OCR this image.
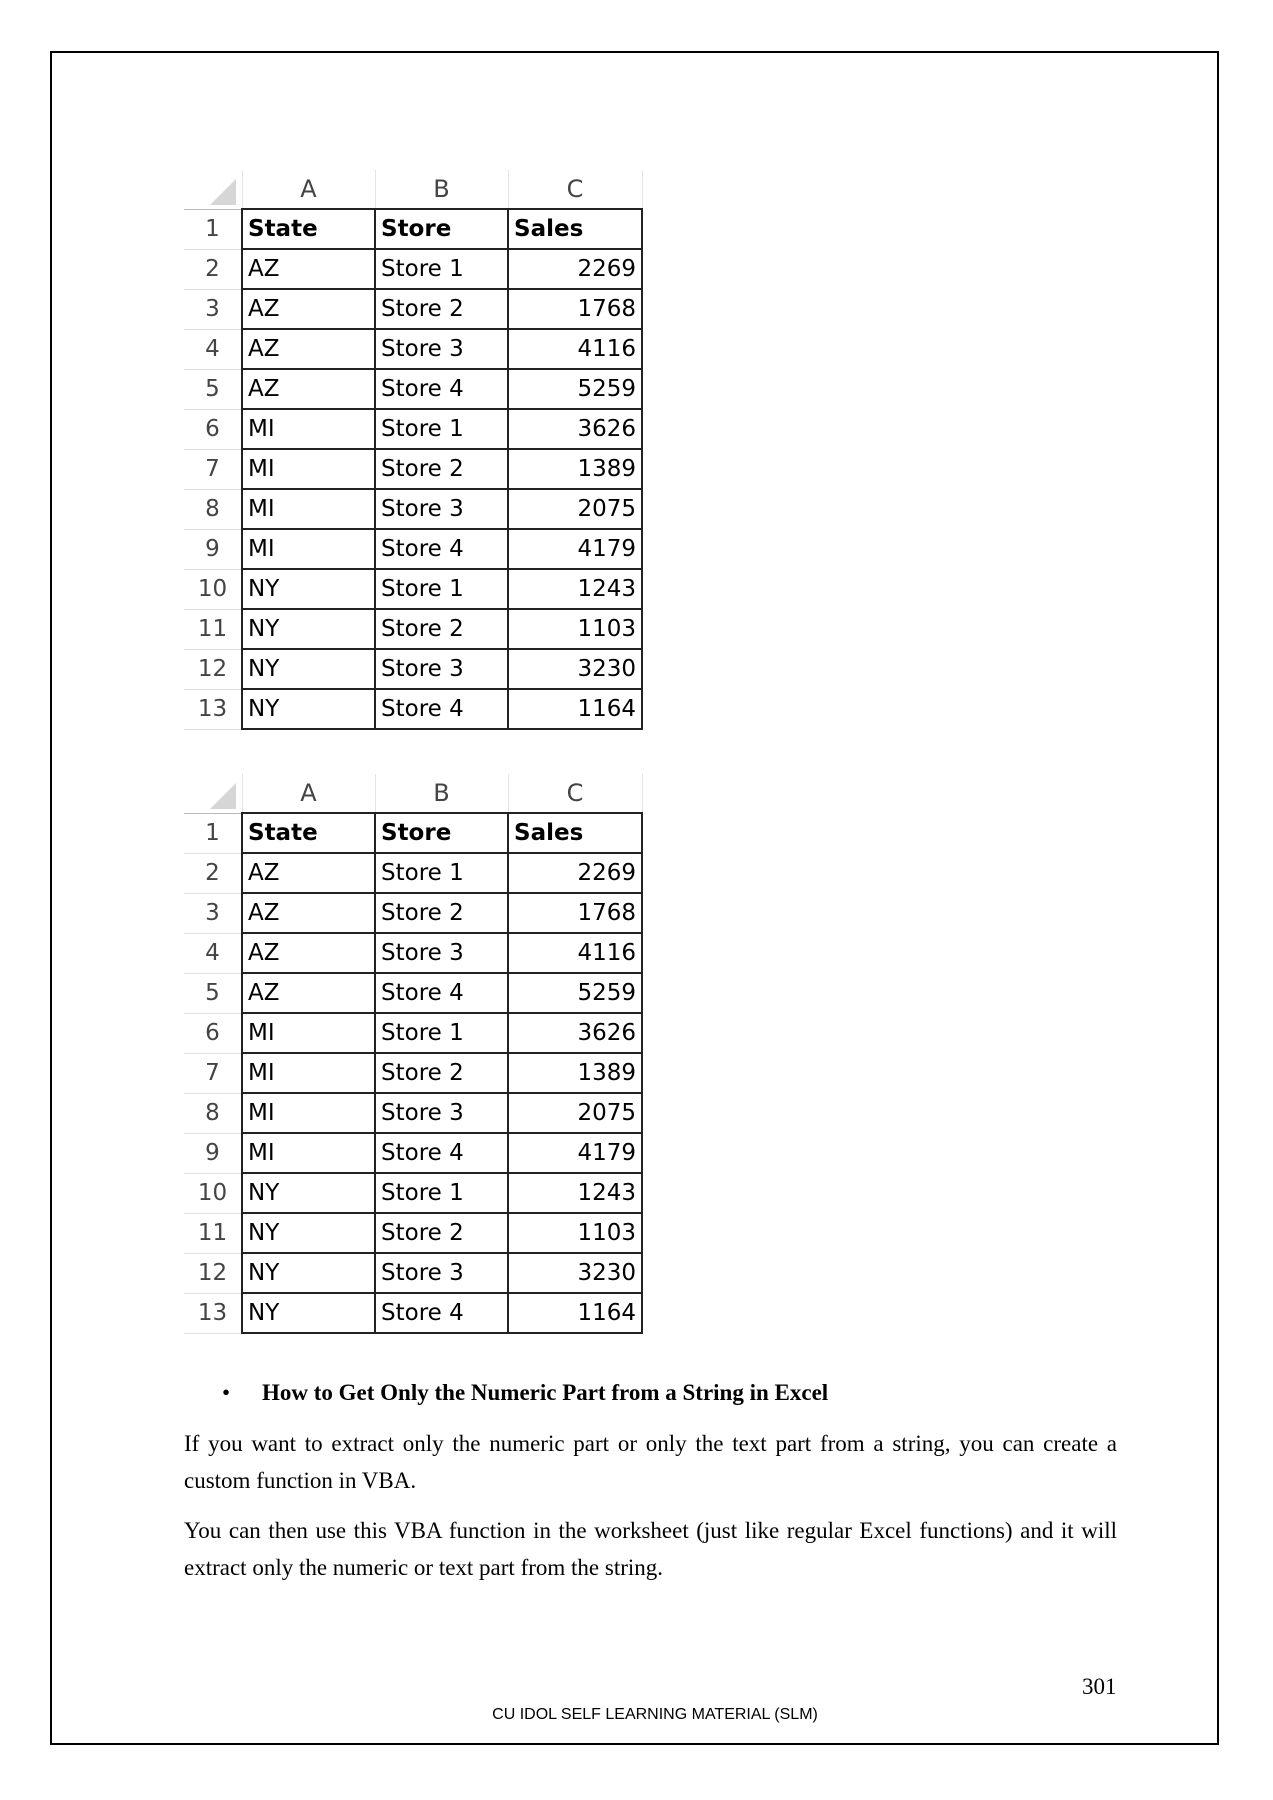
	A	B	C
1	State	Store	Sales
2	AZ	Store 1	2269
3	AZ	Store 2	1768
4	AZ	Store 3	4116
5	AZ	Store 4	5259
6	MI	Store 1	3626
7	MI	Store 2	1389
8	MI	Store 3	2075
9	MI	Store 4	4179
10	NY	Store 1	1243
11	NY	Store 2	1103
12	NY	Store 3	3230
13	NY	Store 4	1164
	A	B	C
1	State	Store	Sales
2	AZ	Store 1	2269
3	AZ	Store 2	1768
4	AZ	Store 3	4116
5	AZ	Store 4	5259
6	MI	Store 1	3626
7	MI	Store 2	1389
8	MI	Store 3	2075
9	MI	Store 4	4179
10	NY	Store 1	1243
11	NY	Store 2	1103
12	NY	Store 3	3230
13	NY	Store 4	1164
• How to Get Only the Numeric Part from a String in Excel

If you want to extract only the numeric part or only the text part from a string, you can create a custom function in VBA.

You can then use this VBA function in the worksheet (just like regular Excel functions) and it will extract only the numeric or text part from the string.

301
CU IDOL SELF LEARNING MATERIAL (SLM)
